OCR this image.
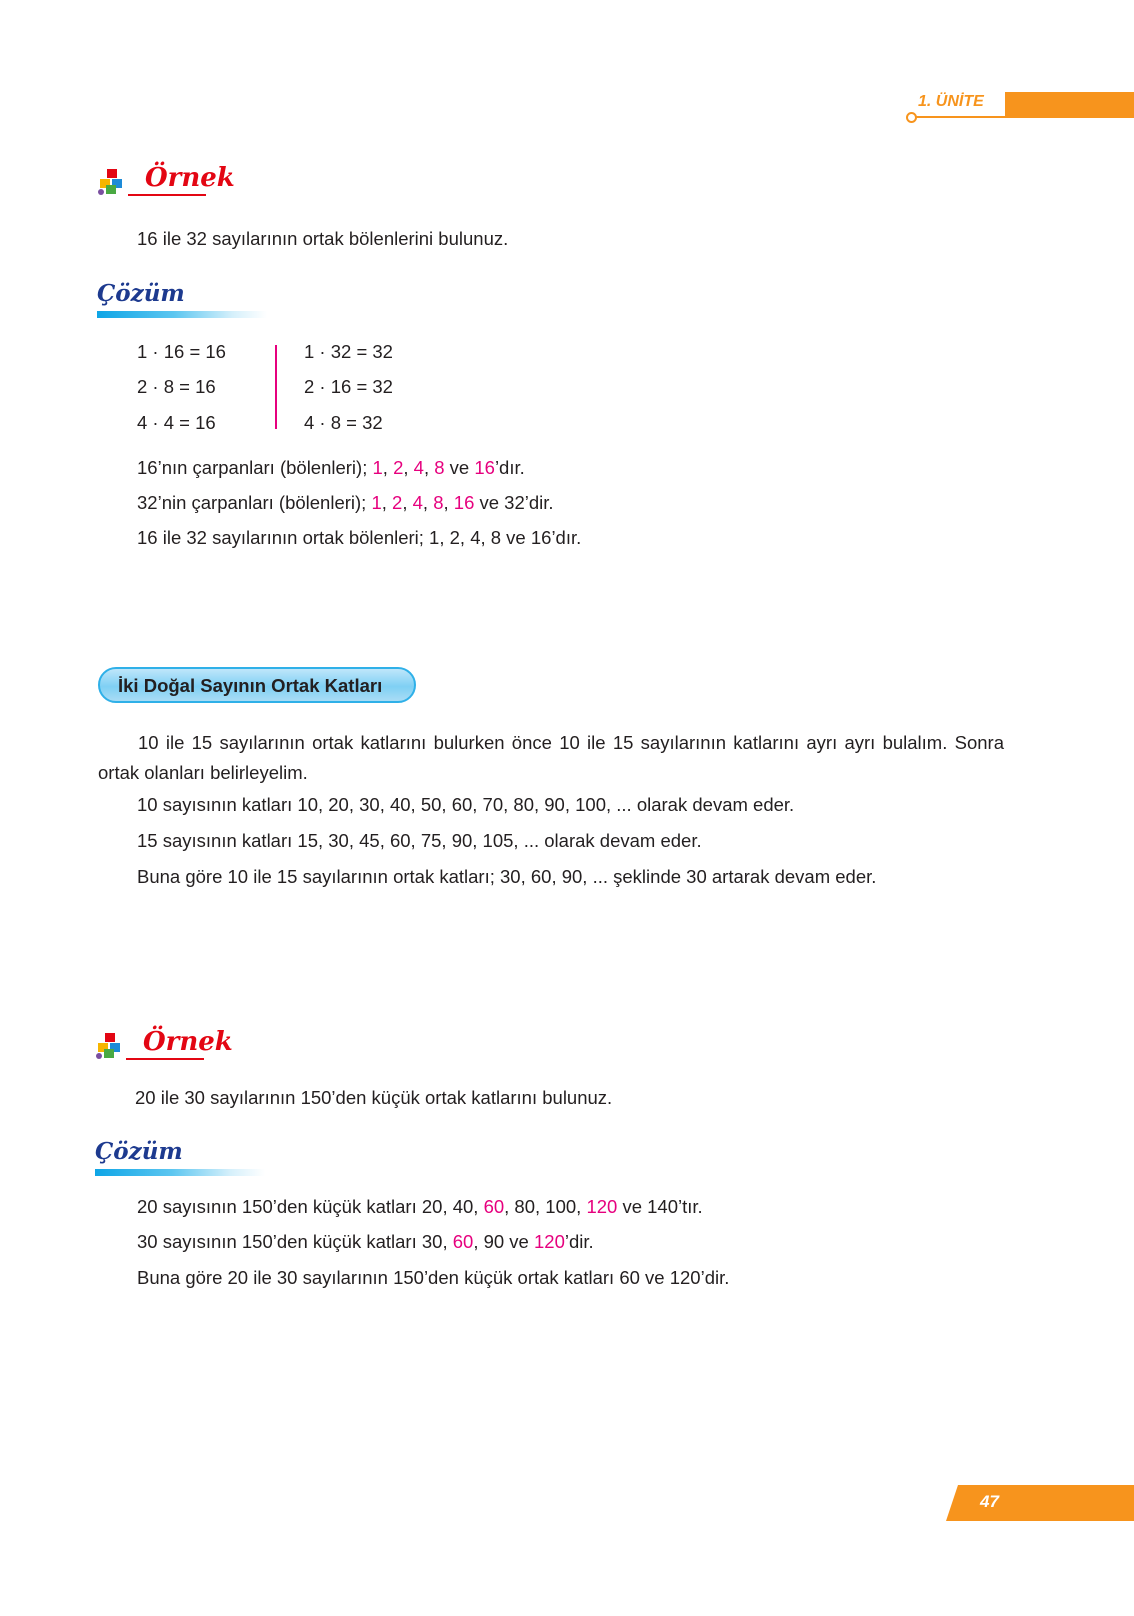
1. ÜNİTE
Örnek
16 ile 32 sayılarının ortak bölenlerini bulunuz.
Çözüm
1 · 16 = 16
2 · 8 = 16
4 · 4 = 16
1 · 32 = 32
2 · 16 = 32
4 · 8 = 32
16’nın çarpanları (bölenleri); 1, 2, 4, 8 ve 16’dır.
32’nin çarpanları (bölenleri); 1, 2, 4, 8, 16 ve 32’dir.
16 ile 32 sayılarının ortak bölenleri; 1, 2, 4, 8 ve 16’dır.
İki Doğal Sayının Ortak Katları
10 ile 15 sayılarının ortak katlarını bulurken önce 10 ile 15 sayılarının katlarını ayrı ayrı bulalım. Sonra ortak olanları belirleyelim.
10 sayısının katları 10, 20, 30, 40, 50, 60, 70, 80, 90, 100, ... olarak devam eder.
15 sayısının katları 15, 30, 45, 60, 75, 90, 105, ... olarak devam eder.
Buna göre 10 ile 15 sayılarının ortak katları; 30, 60, 90, ... şeklinde 30 artarak devam eder.
Örnek
20 ile 30 sayılarının 150’den küçük ortak katlarını bulunuz.
Çözüm
20 sayısının 150’den küçük katları 20, 40, 60, 80, 100, 120 ve 140’tır.
30 sayısının 150’den küçük katları 30, 60, 90 ve 120’dir.
Buna göre 20 ile 30 sayılarının 150’den küçük ortak katları 60 ve 120’dir.
47
